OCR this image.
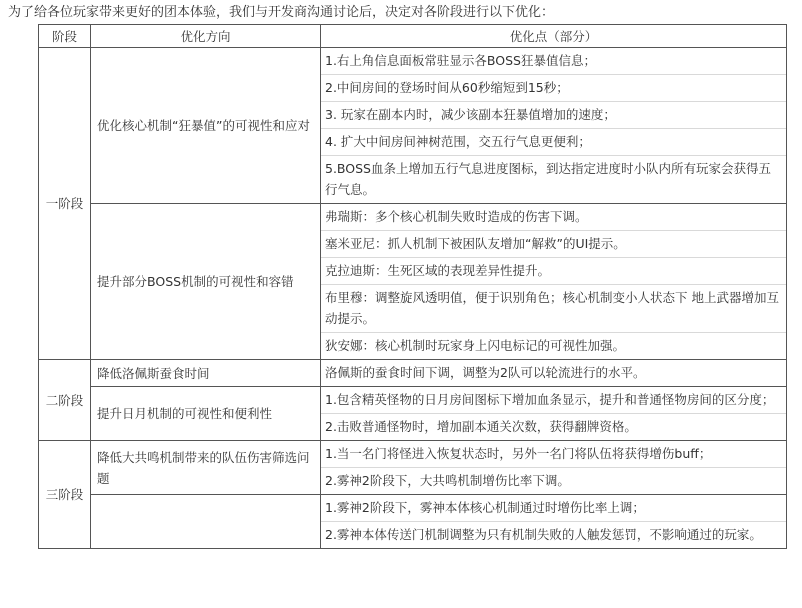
为了给各位玩家带来更好的团本体验，我们与开发商沟通讨论后，决定对各阶段进行以下优化：
阶段	优化方向	优化点（部分）
一阶段	优化核心机制“狂暴值”的可视性和应对	1.右上角信息面板常驻显示各BOSS狂暴值信息；
2.中间房间的登场时间从60秒缩短到15秒；
3. 玩家在副本内时，减少该副本狂暴值增加的速度；
4. 扩大中间房间神树范围，交五行气息更便利；
5.BOSS血条上增加五行气息进度图标，到达指定进度时小队内所有玩家会获得五行气息。

	提升部分BOSS机制的可视性和容错	弗瑞斯：多个核心机制失败时造成的伤害下调。
塞米亚尼：抓人机制下被困队友增加“解救”的UI提示。
克拉迪斯：生死区域的表现差异性提升。
布里穆：调整旋风透明值，便于识别角色；核心机制变小人状态下 地上武器增加互动提示。
狄安娜：核心机制时玩家身上闪电标记的可视性加强。

二阶段	降低洛佩斯蚕食时间	洛佩斯的蚕食时间下调，调整为2队可以轮流进行的水平。

	提升日月机制的可视性和便利性	1.包含精英怪物的日月房间图标下增加血条显示，提升和普通怪物房间的区分度；
2.击败普通怪物时，增加副本通关次数，获得翻牌资格。

三阶段	降低大共鸣机制带来的队伍伤害筛选问题	1.当一名门将怪进入恢复状态时，另外一名门将队伍将获得增伤buff；
2.雾神2阶段下，大共鸣机制增伤比率下调。

		1.雾神2阶段下，雾神本体核心机制通过时增伤比率上调；
2.雾神本体传送门机制调整为只有机制失败的人触发惩罚，不影响通过的玩家。
